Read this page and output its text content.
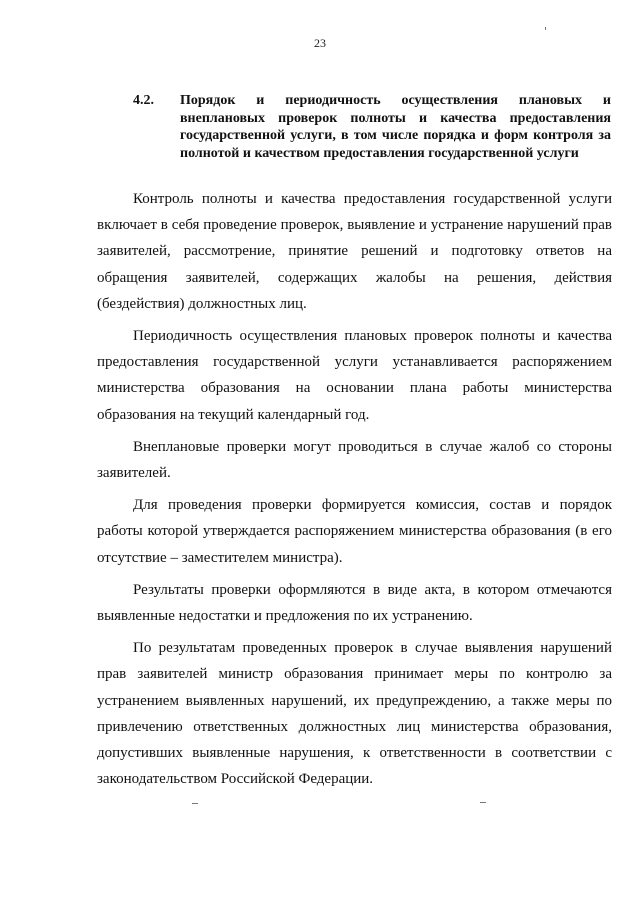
23
4.2. Порядок и периодичность осуществления плановых и внеплановых проверок полноты и качества предоставления государственной услуги, в том числе порядка и форм контроля за полнотой и качеством предоставления государственной услуги

Контроль полноты и качества предоставления государственной услуги включает в себя проведение проверок, выявление и устранение нарушений прав заявителей, рассмотрение, принятие решений и подготовку ответов на обращения заявителей, содержащих жалобы на решения, действия (бездействия) должностных лиц.

Периодичность осуществления плановых проверок полноты и качества предоставления государственной услуги устанавливается распоряжением министерства образования на основании плана работы министерства образования на текущий календарный год.

Внеплановые проверки могут проводиться в случае жалоб со стороны заявителей.

Для проведения проверки формируется комиссия, состав и порядок работы которой утверждается распоряжением министерства образования (в его отсутствие – заместителем министра).

Результаты проверки оформляются в виде акта, в котором отмечаются выявленные недостатки и предложения по их устранению.

По результатам проведенных проверок в случае выявления нарушений прав заявителей министр образования принимает меры по контролю за устранением выявленных нарушений, их предупреждению, а также меры по привлечению ответственных должностных лиц министерства образования, допустивших выявленные нарушения, к ответственности в соответствии с законодательством Российской Федерации.
